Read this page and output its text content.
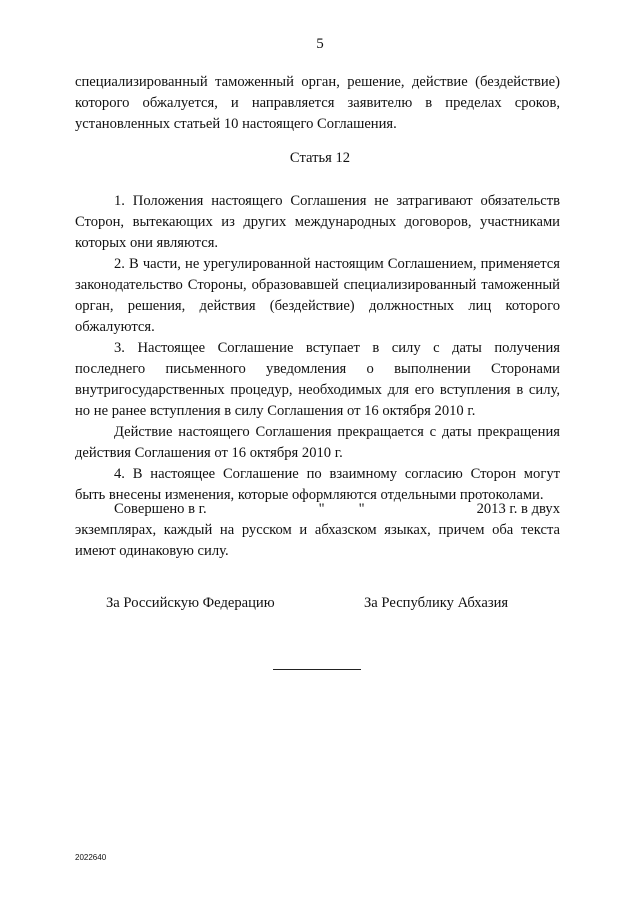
5

специализированный таможенный орган, решение, действие (бездействие) которого обжалуется, и направляется заявителю в пределах сроков, установленных статьей 10 настоящего Соглашения.

Статья 12

1. Положения настоящего Соглашения не затрагивают обязательств Сторон, вытекающих из других международных договоров, участниками которых они являются.

2. В части, не урегулированной настоящим Соглашением, применяется законодательство Стороны, образовавшей специализированный таможенный орган, решения, действия (бездействие) должностных лиц которого обжалуются.

3. Настоящее Соглашение вступает в силу с даты получения последнего письменного уведомления о выполнении Сторонами внутригосударственных процедур, необходимых для его вступления в силу, но не ранее вступления в силу Соглашения от 16 октября 2010 г.

Действие настоящего Соглашения прекращается с даты прекращения действия Соглашения от 16 октября 2010 г.

4. В настоящее Соглашение по взаимному согласию Сторон могут быть внесены изменения, которые оформляются отдельными протоколами.

Совершено в г.	" "	2013 г. в двух

экземплярах, каждый на русском и абхазском языках, причем оба текста имеют одинаковую силу.

За Российскую Федерацию	За Республику Абхазия
2022640
